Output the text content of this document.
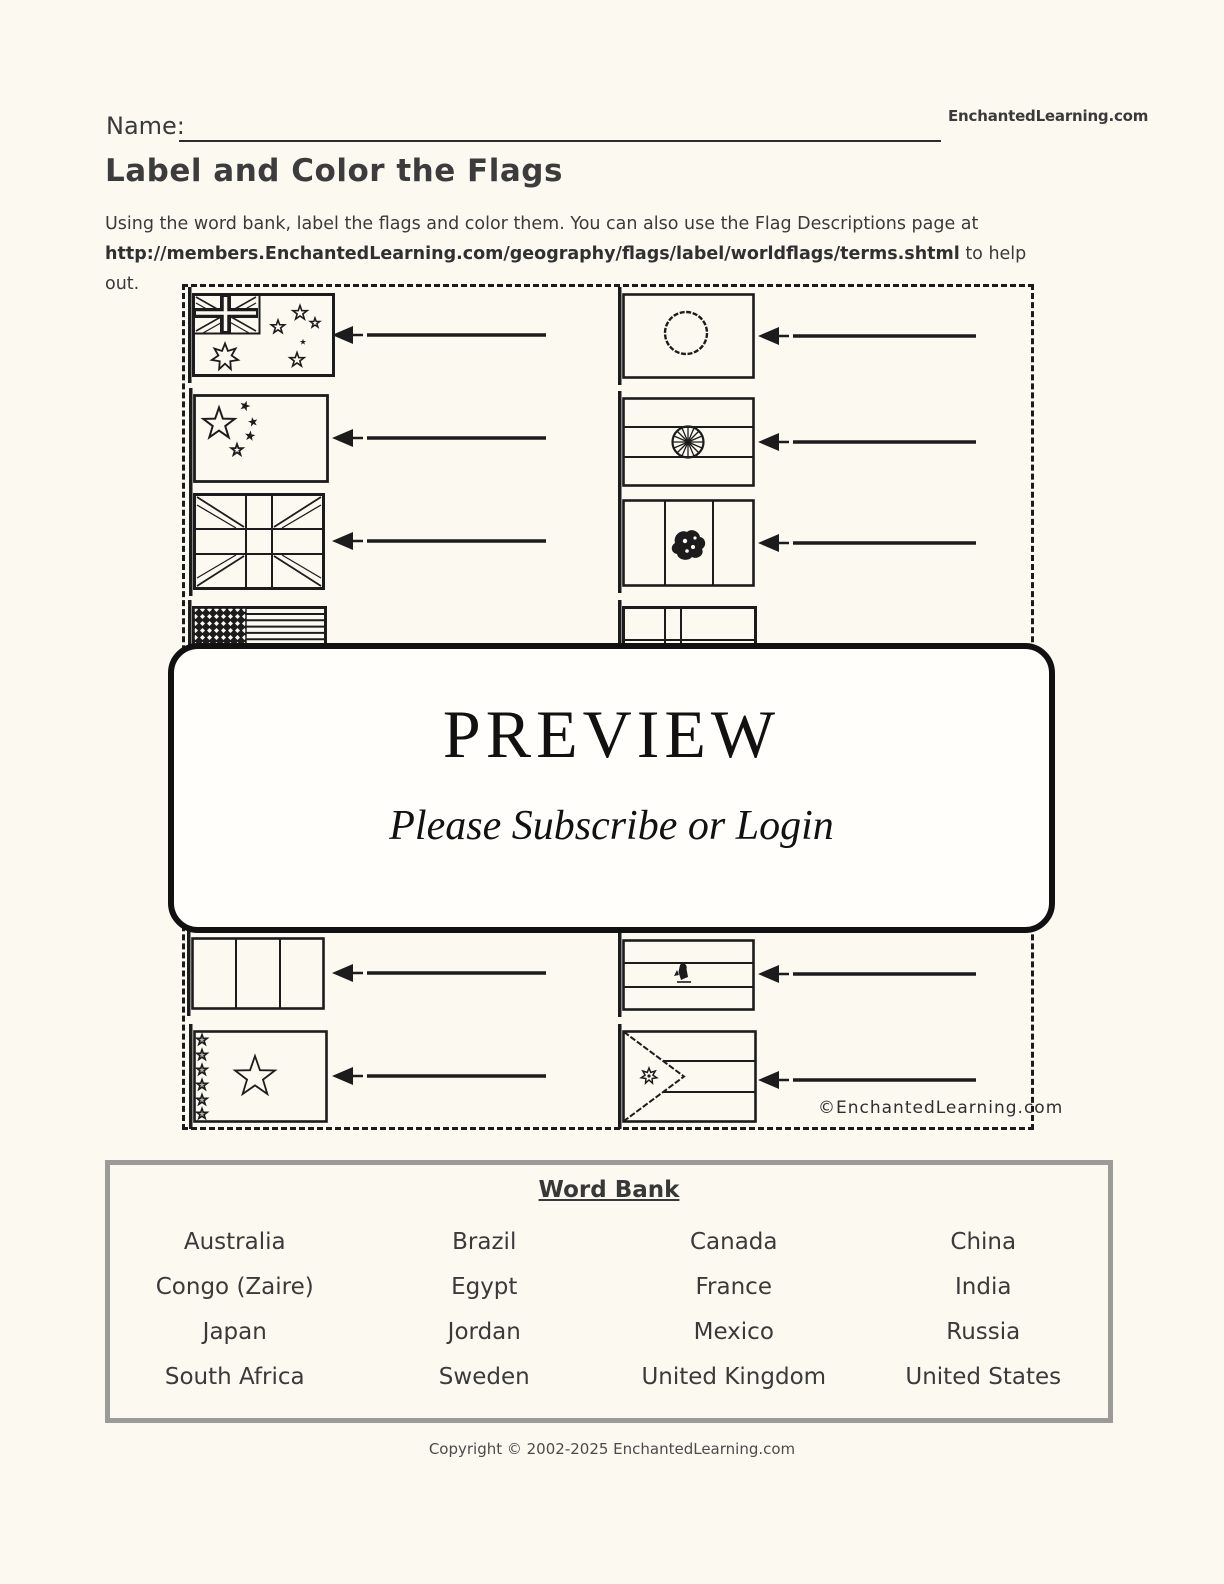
Name:	EnchantedLearning.com
Label and Color the Flags
Using the word bank, label the flags and color them. You can also use the Flag Descriptions page at http://members.EnchantedLearning.com/geography/flags/label/worldflags/terms.shtml to help out.
©EnchantedLearning.com
PREVIEW
Please Subscribe or Login
Word Bank
Australia	Brazil	Canada	China
Congo (Zaire)	Egypt	France	India
Japan	Jordan	Mexico	Russia
South Africa	Sweden	United Kingdom	United States
Copyright © 2002-2025 EnchantedLearning.com
